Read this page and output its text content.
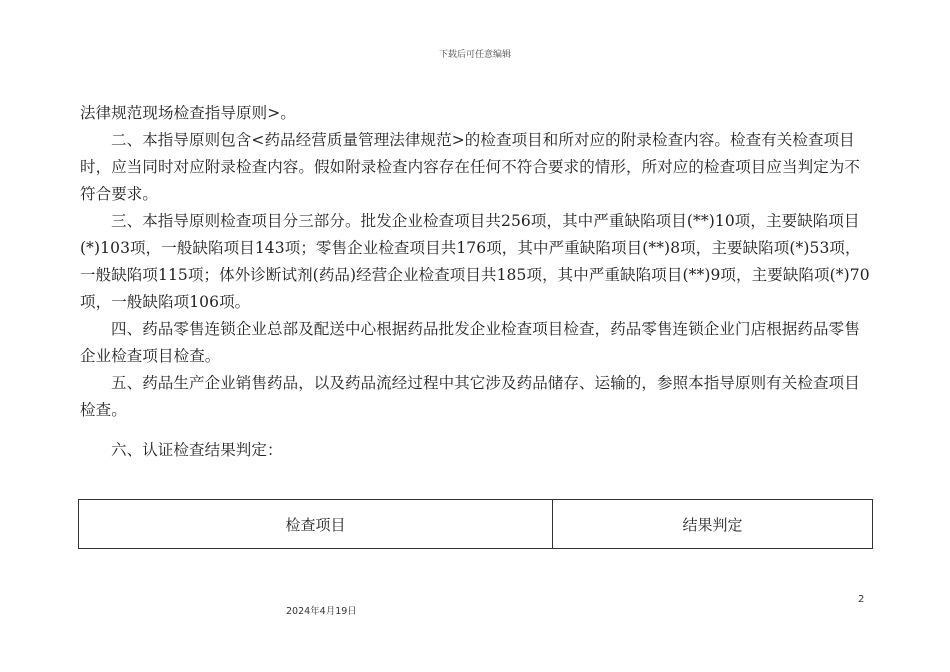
下载后可任意编辑

法律规范现场检查指导原则>。

二、本指导原则包含<药品经营质量管理法律规范>的检查项目和所对应的附录检查内容。检查有关检查项目时，应当同时对应附录检查内容。假如附录检查内容存在任何不符合要求的情形，所对应的检查项目应当判定为不符合要求。

三、本指导原则检查项目分三部分。批发企业检查项目共256项，其中严重缺陷项目(**)10项，主要缺陷项目(*)103项，一般缺陷项目143项；零售企业检查项目共176项，其中严重缺陷项目(**)8项，主要缺陷项(*)53项，一般缺陷项115项；体外诊断试剂(药品)经营企业检查项目共185项，其中严重缺陷项目(**)9项，主要缺陷项(*)70项，一般缺陷项106项。

四、药品零售连锁企业总部及配送中心根据药品批发企业检查项目检查，药品零售连锁企业门店根据药品零售企业检查项目检查。

五、药品生产企业销售药品，以及药品流经过程中其它涉及药品储存、运输的，参照本指导原则有关检查项目检查。

六、认证检查结果判定：

检查项目	结果判定
2
2024年4月19日
